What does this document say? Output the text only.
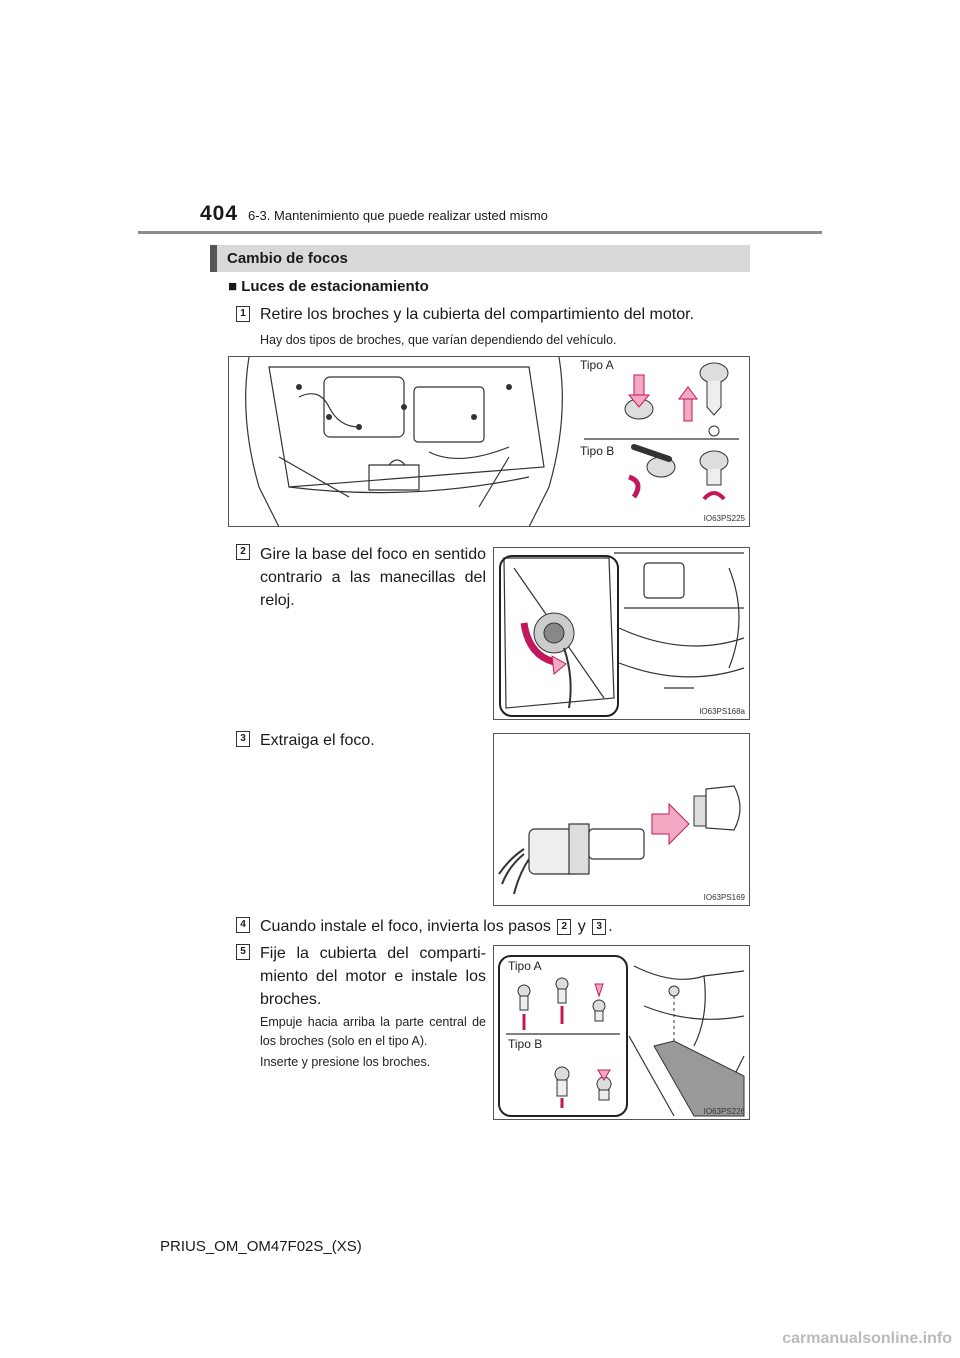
404 6-3. Mantenimiento que puede realizar usted mismo
Cambio de focos
■ Luces de estacionamiento
1 Retire los broches y la cubierta del compartimiento del motor.
Hay dos tipos de broches, que varían dependiendo del vehículo.
Tipo A
Tipo B
IO63PS225
2 Gire la base del foco en sentido contrario a las manecillas del reloj.
IO63PS168a
3 Extraiga el foco.
IO63PS169
4 Cuando instale el foco, invierta los pasos 2 y 3 .
5 Fije la cubierta del comparti-miento del motor e instale los broches.
Empuje hacia arriba la parte central de los broches (solo en el tipo A).
Inserte y presione los broches.
Tipo A
Tipo B
IO63PS226
PRIUS_OM_OM47F02S_(XS)
carmanualsonline.info
